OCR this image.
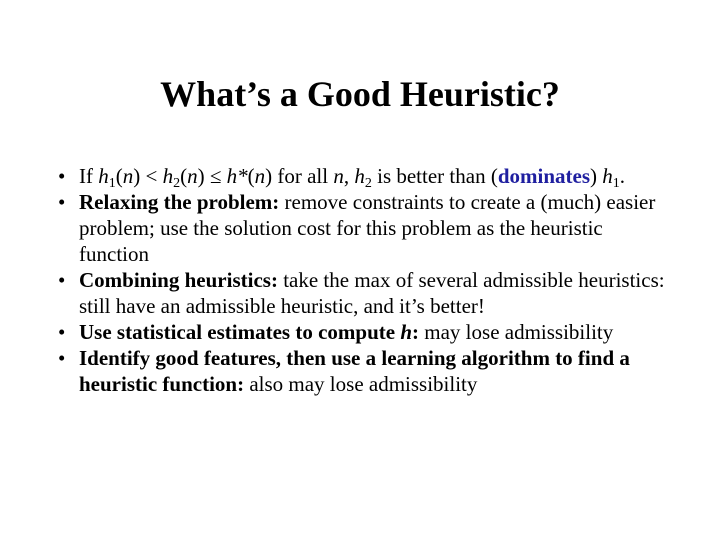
What’s a Good Heuristic?
• If $h_1(n) < h_2(n) \le h*(n)$ for all n, $h_2$ is better than (dominates) $h_1$.
• Relaxing the problem: remove constraints to create a (much) easier problem; use the solution cost for this problem as the heuristic function
• Combining heuristics: take the max of several admissible heuristics: still have an admissible heuristic, and it’s better!
• Use statistical estimates to compute h: may lose admissibility
• Identify good features, then use a learning algorithm to find a heuristic function: also may lose admissibility
